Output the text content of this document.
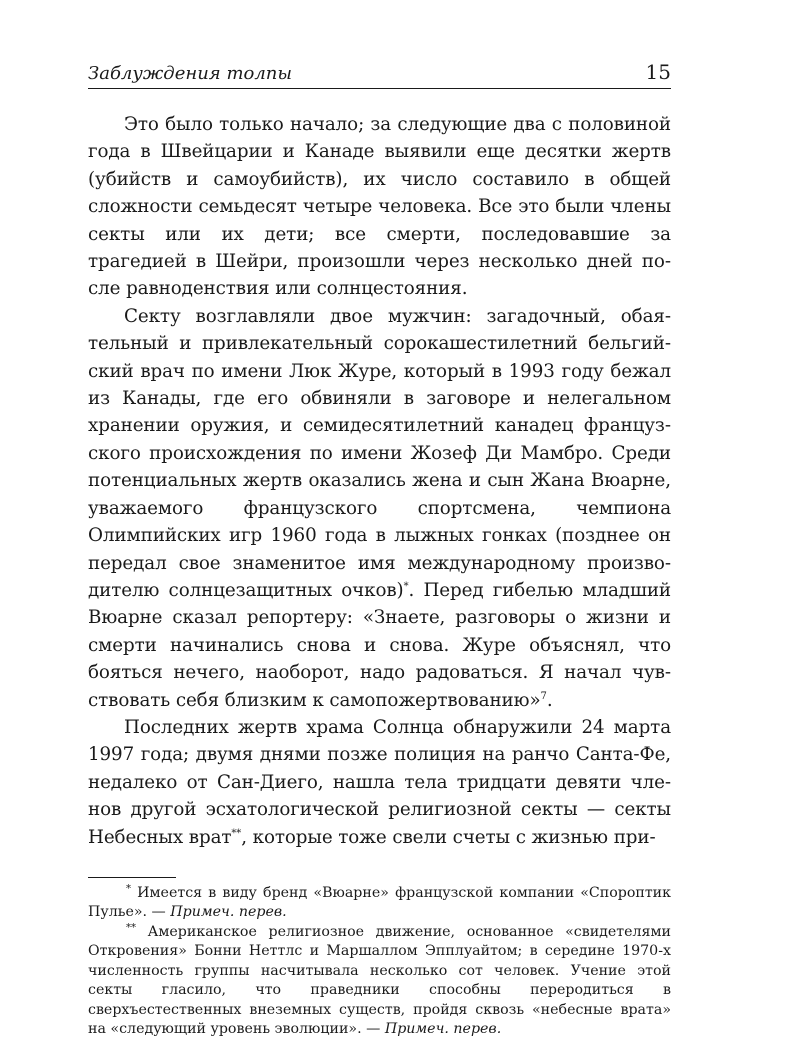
Заблуждения толпы	15

Это было только начало; за следующие два с половиной года в Швейцарии и Канаде выявили еще десятки жертв (убийств и самоубийств), их число составило в общей сложности семьдесят четыре человека. Все это были члены секты или их дети; все смерти, последовавшие за трагедией в Шейри, произошли через несколько дней после равноденствия или солнцестояния.

Секту возглавляли двое мужчин: загадочный, обаятельный и привлекательный сорокашестилетний бельгийский врач по имени Люк Журе, который в 1993 году бежал из Канады, где его обвиняли в заговоре и нелегальном хранении оружия, и семидесятилетний канадец французского происхождения по имени Жозеф Ди Мамбро. Среди потенциальных жертв оказались жена и сын Жана Вюарне, уважаемого французского спортсмена, чемпиона Олимпийских игр 1960 года в лыжных гонках (позднее он передал свое знаменитое имя международному производителю солнцезащитных очков)*. Перед гибелью младший Вюарне сказал репортеру: «Знаете, разговоры о жизни и смерти начинались снова и снова. Журе объяснял, что бояться нечего, наоборот, надо радоваться. Я начал чувствовать себя близким к самопожертвованию»$^7$.

Последних жертв храма Солнца обнаружили 24 марта 1997 года; двумя днями позже полиция на ранчо Санта-Фе, недалеко от Сан-Диего, нашла тела тридцати девяти членов другой эсхатологической религиозной секты — секты Небесных врат**, которые тоже свели счеты с жизнью при-

* Имеется в виду бренд «Вюарне» французской компании «Спороптик Пулье». — Примеч. перев.

** Американское религиозное движение, основанное «свидетелями Откровения» Бонни Неттлс и Маршаллом Эпплуайтом; в середине 1970-х численность группы насчитывала несколько сот человек. Учение этой секты гласило, что праведники способны переродиться в сверхъестественных внеземных существ, пройдя сквозь «небесные врата» на «следующий уровень эволюции». — Примеч. перев.
